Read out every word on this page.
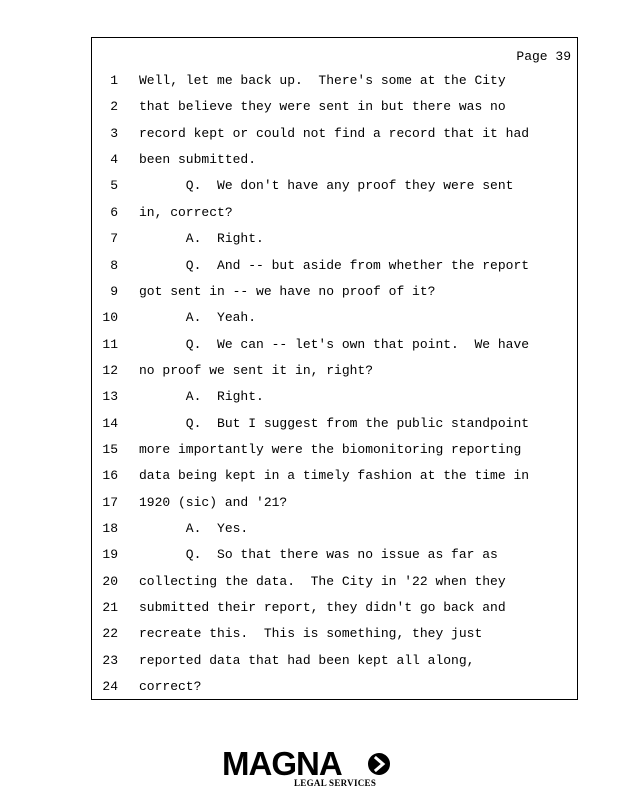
Page 39
1 Well, let me back up.  There's some at the City
2 that believe they were sent in but there was no
3 record kept or could not find a record that it had
4 been submitted.
5 Q.  We don't have any proof they were sent
6 in, correct?
7 A.  Right.
8 Q.  And -- but aside from whether the report
9 got sent in -- we have no proof of it?
10 A.  Yeah.
11 Q.  We can -- let's own that point.  We have
12 no proof we sent it in, right?
13 A.  Right.
14 Q.  But I suggest from the public standpoint
15 more importantly were the biomonitoring reporting
16 data being kept in a timely fashion at the time in
17 1920 (sic) and '21?
18 A.  Yes.
19 Q.  So that there was no issue as far as
20 collecting the data.  The City in '22 when they
21 submitted their report, they didn't go back and
22 recreate this.  This is something, they just
23 reported data that had been kept all along,
24 correct?
MAGNA
LEGAL SERVICES
